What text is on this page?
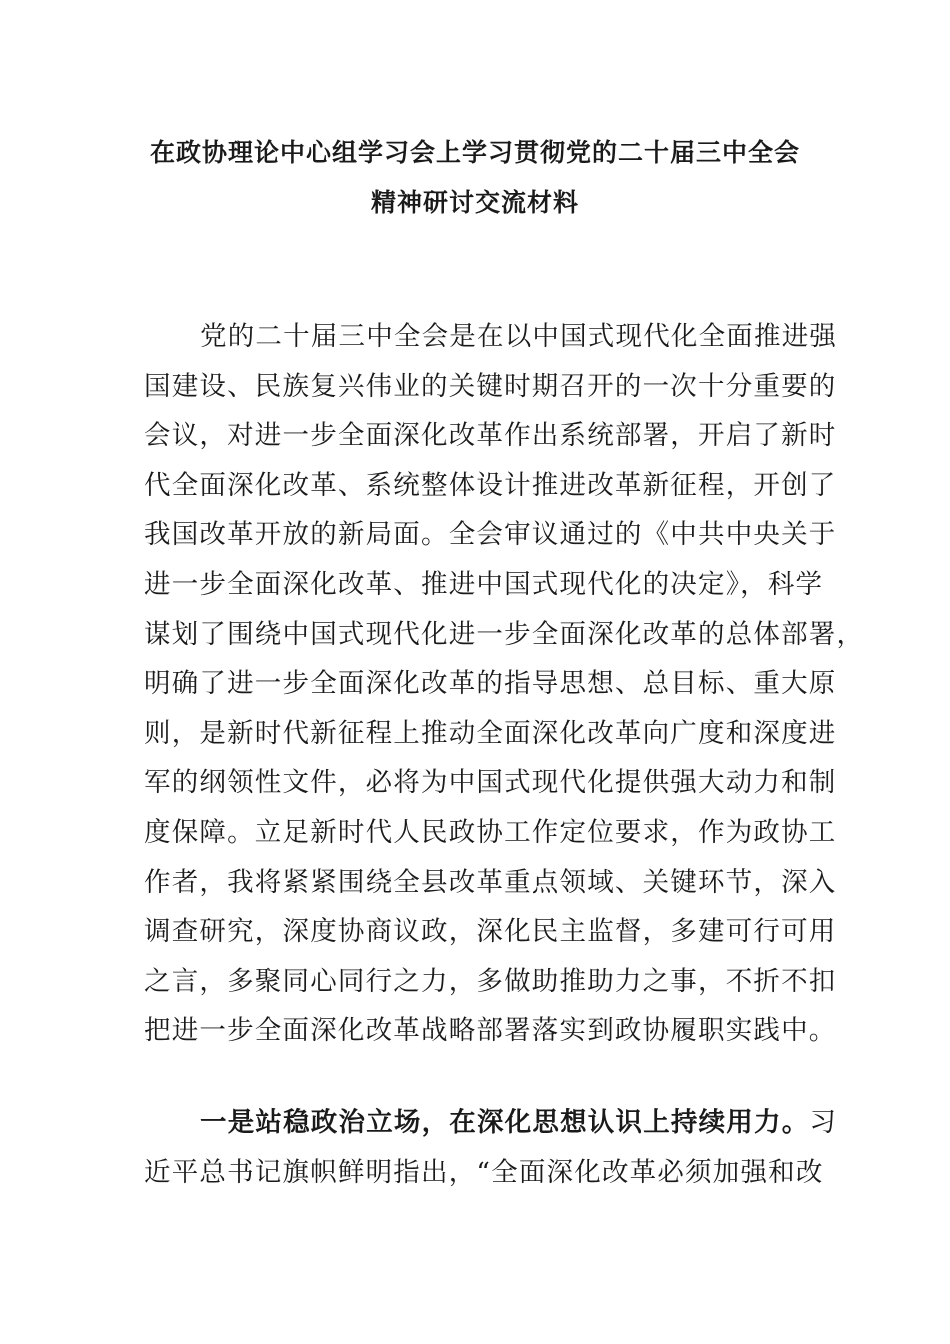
在政协理论中心组学习会上学习贯彻党的二十届三中全会
精神研讨交流材料
党的二十届三中全会是在以中国式现代化全面推进强
国建设、民族复兴伟业的关键时期召开的一次十分重要的
会议，对进一步全面深化改革作出系统部署，开启了新时
代全面深化改革、系统整体设计推进改革新征程，开创了
我国改革开放的新局面。全会审议通过的《中共中央关于
进一步全面深化改革、推进中国式现代化的决定》，科学
谋划了围绕中国式现代化进一步全面深化改革的总体部署，
明确了进一步全面深化改革的指导思想、总目标、重大原
则，是新时代新征程上推动全面深化改革向广度和深度进
军的纲领性文件，必将为中国式现代化提供强大动力和制
度保障。立足新时代人民政协工作定位要求，作为政协工
作者，我将紧紧围绕全县改革重点领域、关键环节，深入
调查研究，深度协商议政，深化民主监督，多建可行可用
之言，多聚同心同行之力，多做助推助力之事，不折不扣
把进一步全面深化改革战略部署落实到政协履职实践中。
一是站稳政治立场，在深化思想认识上持续用力。习
近平总书记旗帜鲜明指出，“全面深化改革必须加强和改
